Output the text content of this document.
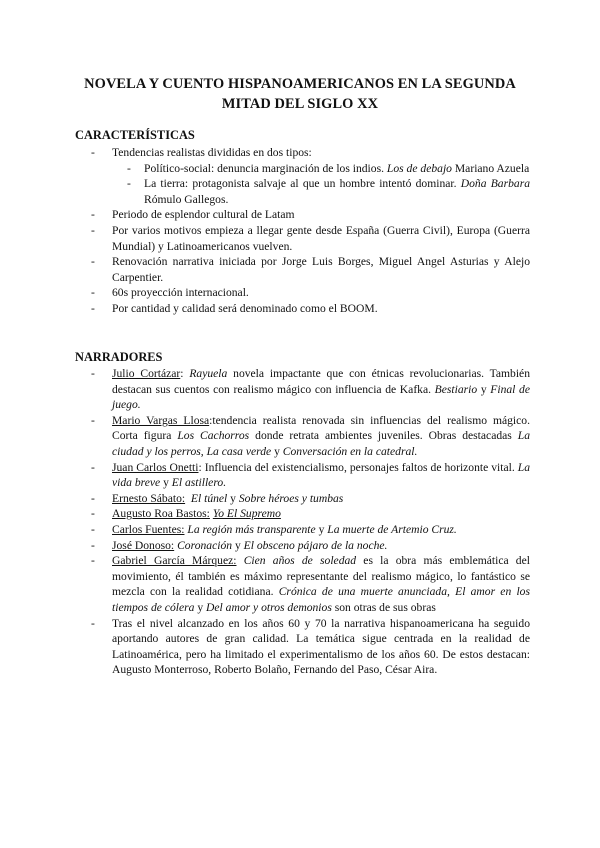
NOVELA Y CUENTO HISPANOAMERICANOS EN LA SEGUNDA
MITAD DEL SIGLO XX
CARACTERÍSTICAS
- Tendencias realistas divididas en dos tipos:
- Político-social: denuncia marginación de los indios. Los de debajo Mariano Azuela
- La tierra: protagonista salvaje al que un hombre intentó dominar. Doña Barbara Rómulo Gallegos.
- Periodo de esplendor cultural de Latam
- Por varios motivos empieza a llegar gente desde España (Guerra Civil), Europa (Guerra Mundial) y Latinoamericanos vuelven.
- Renovación narrativa iniciada por Jorge Luis Borges, Miguel Angel Asturias y Alejo Carpentier.
- 60s proyección internacional.
- Por cantidad y calidad será denominado como el BOOM.
NARRADORES
- Julio Cortázar: Rayuela novela impactante que con étnicas revolucionarias. También destacan sus cuentos con realismo mágico con influencia de Kafka. Bestiario y Final de juego.
- Mario Vargas Llosa:tendencia realista renovada sin influencias del realismo mágico. Corta figura Los Cachorros donde retrata ambientes juveniles. Obras destacadas La ciudad y los perros, La casa verde y Conversación en la catedral.
- Juan Carlos Onetti: Influencia del existencialismo, personajes faltos de horizonte vital. La vida breve y El astillero.
- Ernesto Sábato: El túnel y Sobre héroes y tumbas
- Augusto Roa Bastos: Yo El Supremo
- Carlos Fuentes: La región más transparente y La muerte de Artemio Cruz.
- José Donoso: Coronación y El obsceno pájaro de la noche.
- Gabriel García Márquez: Cien años de soledad es la obra más emblemática del movimiento, él también es máximo representante del realismo mágico, lo fantástico se mezcla con la realidad cotidiana. Crónica de una muerte anunciada, El amor en los tiempos de cólera y Del amor y otros demonios son otras de sus obras
- Tras el nivel alcanzado en los años 60 y 70 la narrativa hispanoamericana ha seguido aportando autores de gran calidad. La temática sigue centrada en la realidad de Latinoamérica, pero ha limitado el experimentalismo de los años 60. De estos destacan: Augusto Monterroso, Roberto Bolaño, Fernando del Paso, César Aira.
